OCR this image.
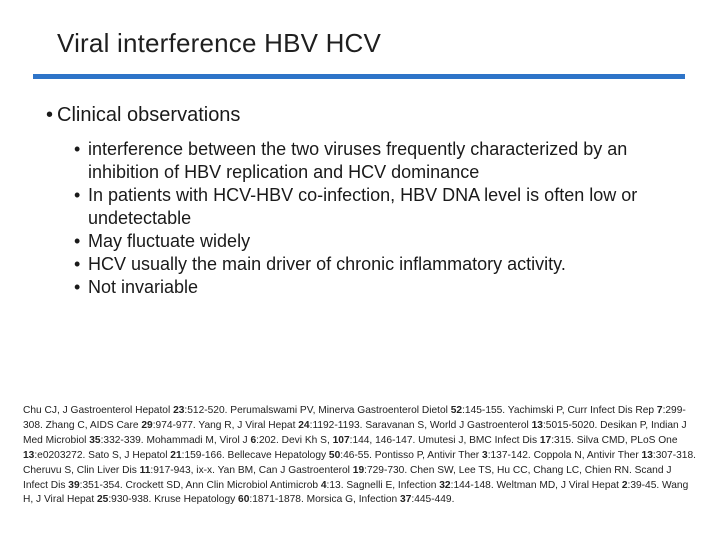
Viral interference HBV HCV
• Clinical observations
• interference between the two viruses frequently characterized by an inhibition of HBV replication and HCV dominance
• In patients with HCV-HBV co-infection, HBV DNA level is often low or undetectable
• May fluctuate widely
• HCV usually the main driver of chronic inflammatory activity.
• Not invariable
Chu CJ, J Gastroenterol Hepatol 23:512-520. Perumalswami PV, Minerva Gastroenterol Dietol 52:145-155. Yachimski P, Curr Infect Dis Rep 7:299-308. Zhang C, AIDS Care 29:974-977. Yang R, J Viral Hepat 24:1192-1193. Saravanan S, World J Gastroenterol 13:5015-5020. Desikan P, Indian J Med Microbiol 35:332-339. Mohammadi M, Virol J 6:202. Devi Kh S, 107:144, 146-147. Umutesi J, BMC Infect Dis 17:315. Silva CMD, PLoS One 13:e0203272. Sato S, J Hepatol 21:159-166. Bellecave Hepatology 50:46-55. Pontisso P, Antivir Ther 3:137-142. Coppola N, Antivir Ther 13:307-318. Cheruvu S, Clin Liver Dis 11:917-943, ix-x. Yan BM, Can J Gastroenterol 19:729-730. Chen SW, Lee TS, Hu CC, Chang LC, Chien RN. Scand J Infect Dis 39:351-354. Crockett SD, Ann Clin Microbiol Antimicrob 4:13. Sagnelli E, Infection 32:144-148. Weltman MD, J Viral Hepat 2:39-45. Wang H, J Viral Hepat 25:930-938. Kruse Hepatology 60:1871-1878. Morsica G, Infection 37:445-449.
